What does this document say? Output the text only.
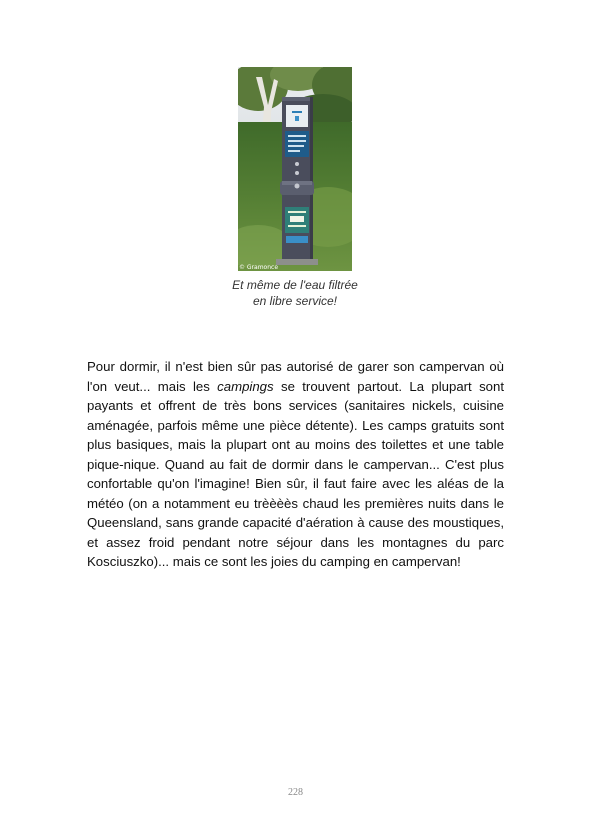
© Gramonce
Et même de l'eau filtrée en libre service!

Pour dormir, il n'est bien sûr pas autorisé de garer son campervan où l'on veut... mais les campings se trouvent partout. La plupart sont payants et offrent de très bons services (sanitaires nickels, cuisine aménagée, parfois même une pièce détente). Les camps gratuits sont plus basiques, mais la plupart ont au moins des toilettes et une table pique-nique. Quand au fait de dormir dans le campervan... C'est plus confortable qu'on l'imagine! Bien sûr, il faut faire avec les aléas de la météo (on a notamment eu trèèèès chaud les premières nuits dans le Queensland, sans grande capacité d'aération à cause des moustiques, et assez froid pendant notre séjour dans les montagnes du parc Kosciuszko)... mais ce sont les joies du camping en campervan!

228
